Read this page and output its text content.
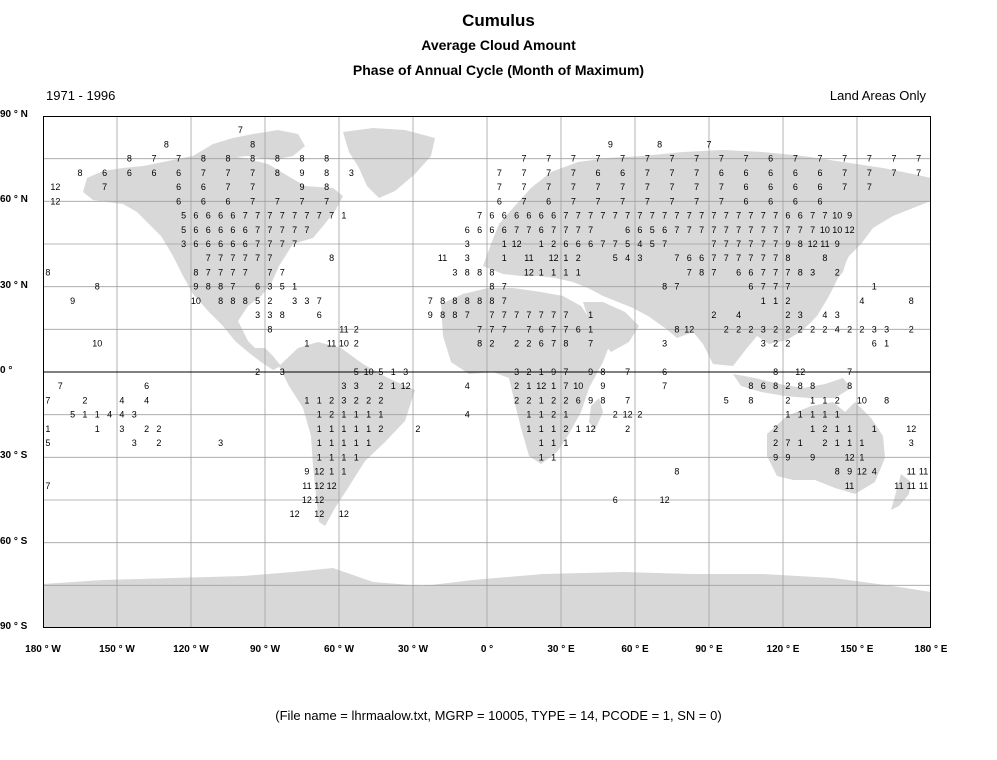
Cumulus
Average Cloud Amount
Phase of Annual Cycle (Month of Maximum)
1971 - 1996	Land Areas Only
90 ° N
60 ° N
30 ° N
0 °
30 ° S
60 ° S
90 ° S
180 ° W	150 ° W	120 ° W	90 ° W	60 ° W	30 ° W	0 °	30 ° E	60 ° E	90 ° E	120 ° E	150 ° E	180 ° E
7
8	8	9	8	7
8 7 7 8 8 8 8 8 8	7 7 7 7 7 7 7 7 7 7 6 7 7 7 7 7 7
8 6 6 6 6 7 7 7 8 9 8 3	7 7 7 7 6 6 7 7 7 6 6 6 6 6 7 7 7 7
12	7	6 6 7 7	9 8	7 7 7 7 7 7 7 7 7 7 6 6 6 6 7 7
12	6 6 6 7 7 7 7	6 7 6 7 7 7 7 7 7 7 6 6 6 6
5 6 6 6 6 7 7 7 7 7 7 7 7 1	7 6 6 6 6 6 6 7 7 7 7 7 7 7 7 7 7 7 7 7 7 7 7 7 7 6 6 7 7 10 9
5 6 6 6 6 6 7 7 7 7 7	6 6 6 6 7 7 6 7 7 7 7	6 6 5 6 7 7 7 7 7 7 7 7 7 7 7 7 10 10 12
3 6 6 6 6 6 7 7 7 7	3	1 12 1 2 6 6 6 7 7 5 4 5 7	7 7 7 7 7 7 9 8 12 11 9
7 7 7 7 7 7	8	11 3	1 11 12 1 2	5 4 3	7 6 6 7 7 7 7 7 7 8	8
8	8 7 7 7 7 7 7	3 8 8 8	12 1 1 1 1	7 8 7 6 6 7 7 7 8 3 2
8	9 8 8 7 6 3 5 1	8 7	8 7	6 7 7 7	1
9	10 8 8 8 5 2 3 3 7	7 8 8 8 8 8 7	1 1 2	4	8
3 3 8	6	9 8 8 7 7 7 7 7 7 7 7 1	2 4	2 3 4 3
8	11 2	7 7 7 7 6 7 7 6 1	8 12	2 2 2 3 2 2 2 2 2 4 2 2 3 3 2
10	1 11 10 2	8 2 2 2 6 7 8 7	3	3 2 2	6 1
2 3	5 10 5 1 3	3 2 1 9 7 9 8 7	6	8 12	7
7	6	3 3 2 1 12	4	2 1 12 1 7 10 9	7	8 6 8 2 8 8	8
7	2	4 4	1 1 2 3 2 2 2	2 2 1 2 2 6 9 8 7	5 8	2 1 1 2 10 8
5 1 1 4 4 3	1 2 1 1 1 1	4	1 1 2 1	2 12 2	1 1 1 1 1
1	1 3 2 2	1 1 1 1 1 2	2	1 1 1 2 1 12	2	2	1 2 1 1 1	12
5	3 2	3	1 1 1 1 1	1 1 1	2 7 1 2 1 1 1	3
1 1 1 1	1 1	9 9 9	12 1
9 12 1 1	8	8 9 12 4	11 11
7	11 12 12	11	11 11 11
12 12	6	12
12 12 12
(File name = lhrmaalow.txt, MGRP = 10005, TYPE = 14, PCODE = 1, SN = 0)
